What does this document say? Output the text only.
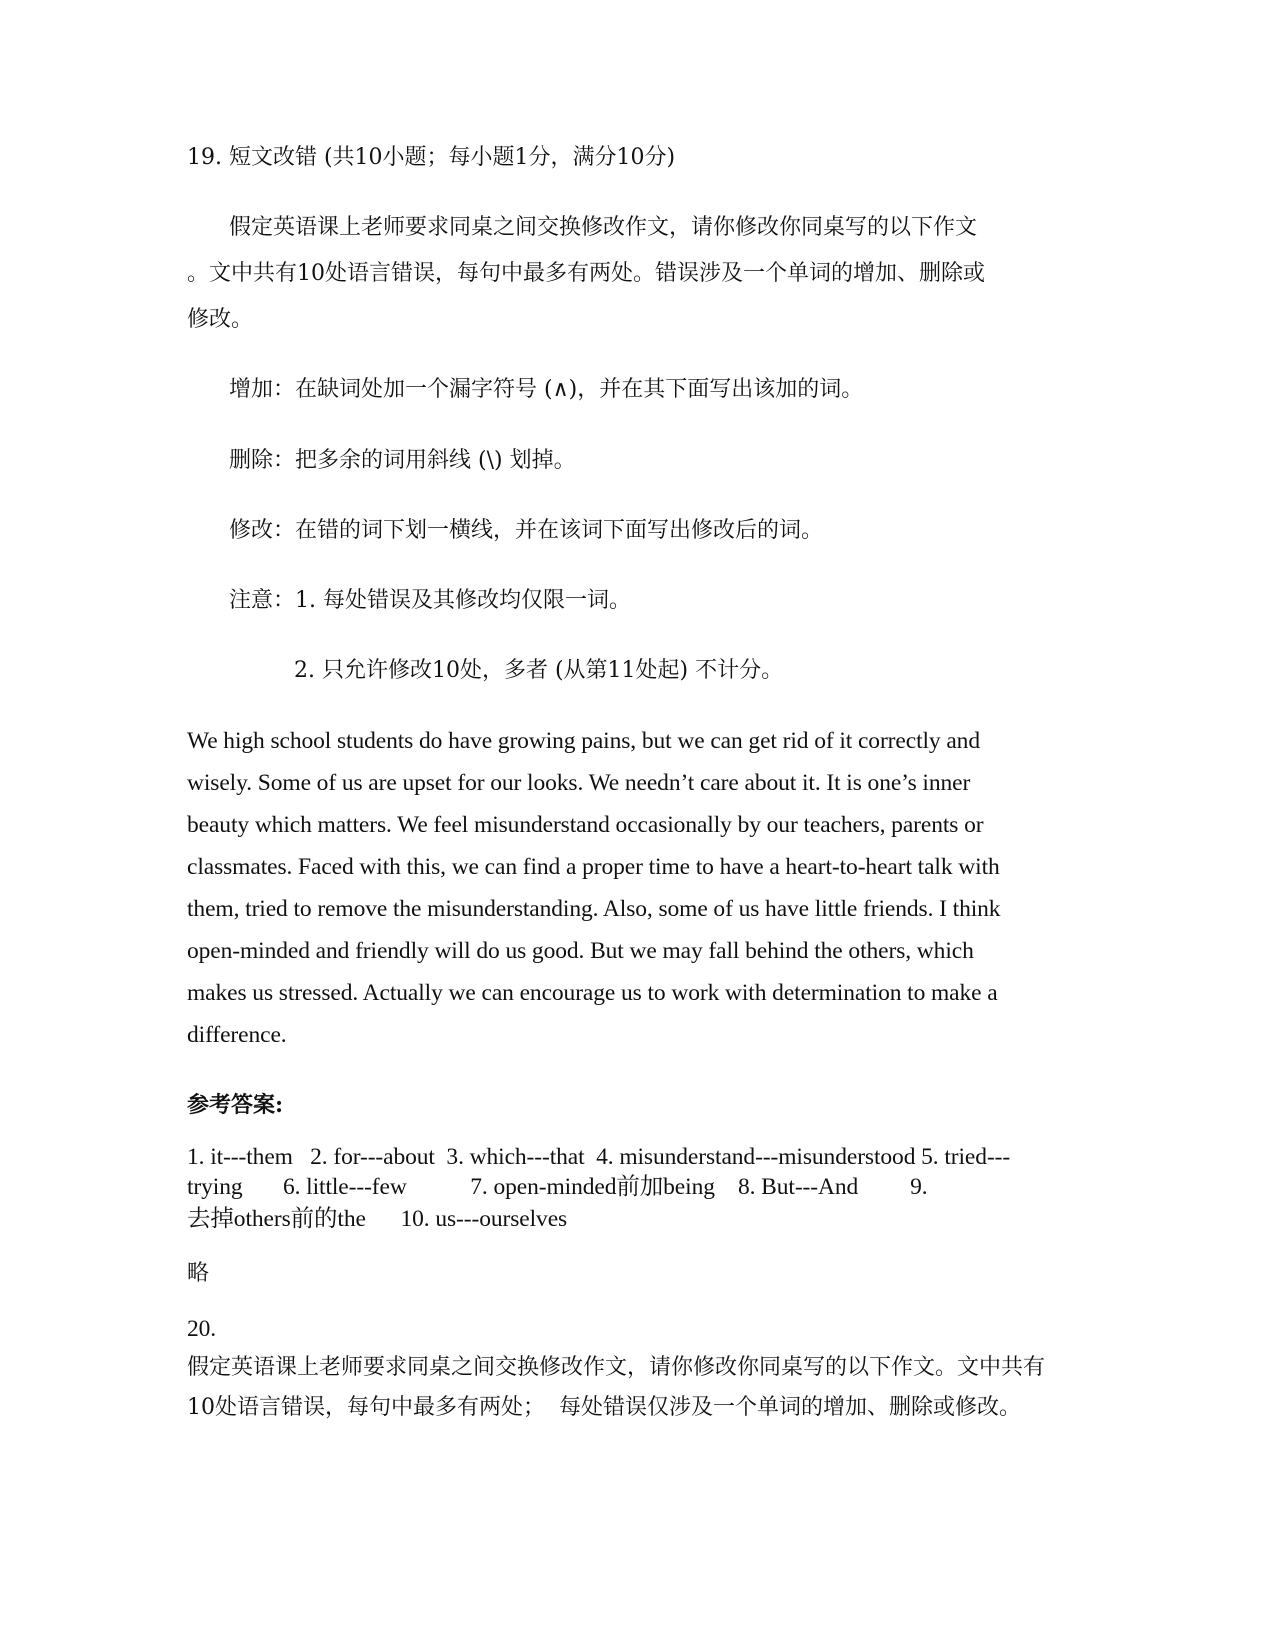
19. 短文改错 (共10小题；每小题1分，满分10分)
假定英语课上老师要求同桌之间交换修改作文，请你修改你同桌写的以下作文
。文中共有10处语言错误，每句中最多有两处。错误涉及一个单词的增加、删除或
修改。
增加：在缺词处加一个漏字符号 (∧)，并在其下面写出该加的词。
删除：把多余的词用斜线 (\) 划掉。
修改：在错的词下划一横线，并在该词下面写出修改后的词。
注意：1. 每处错误及其修改均仅限一词。
2. 只允许修改10处，多者 (从第11处起) 不计分。
We high school students do have growing pains, but we can get rid of it correctly and
wisely. Some of us are upset for our looks. We needn’t care about it. It is one’s inner
beauty which matters. We feel misunderstand occasionally by our teachers, parents or
classmates. Faced with this, we can find a proper time to have a heart-to-heart talk with
them, tried to remove the misunderstanding. Also, some of us have little friends. I think
open-minded and friendly will do us good. But we may fall behind the others, which
makes us stressed. Actually we can encourage us to work with determination to make a
difference.
参考答案:
1. it---them   2. for---about  3. which---that  4. misunderstand---misunderstood 5. tried---
trying       6. little---few           7. open-minded前加being    8. But---And         9.
去掉others前的the      10. us---ourselves
略
20.
假定英语课上老师要求同桌之间交换修改作文，请你修改你同桌写的以下作文。文中共有
10处语言错误，每句中最多有两处；  每处错误仅涉及一个单词的增加、删除或修改。
